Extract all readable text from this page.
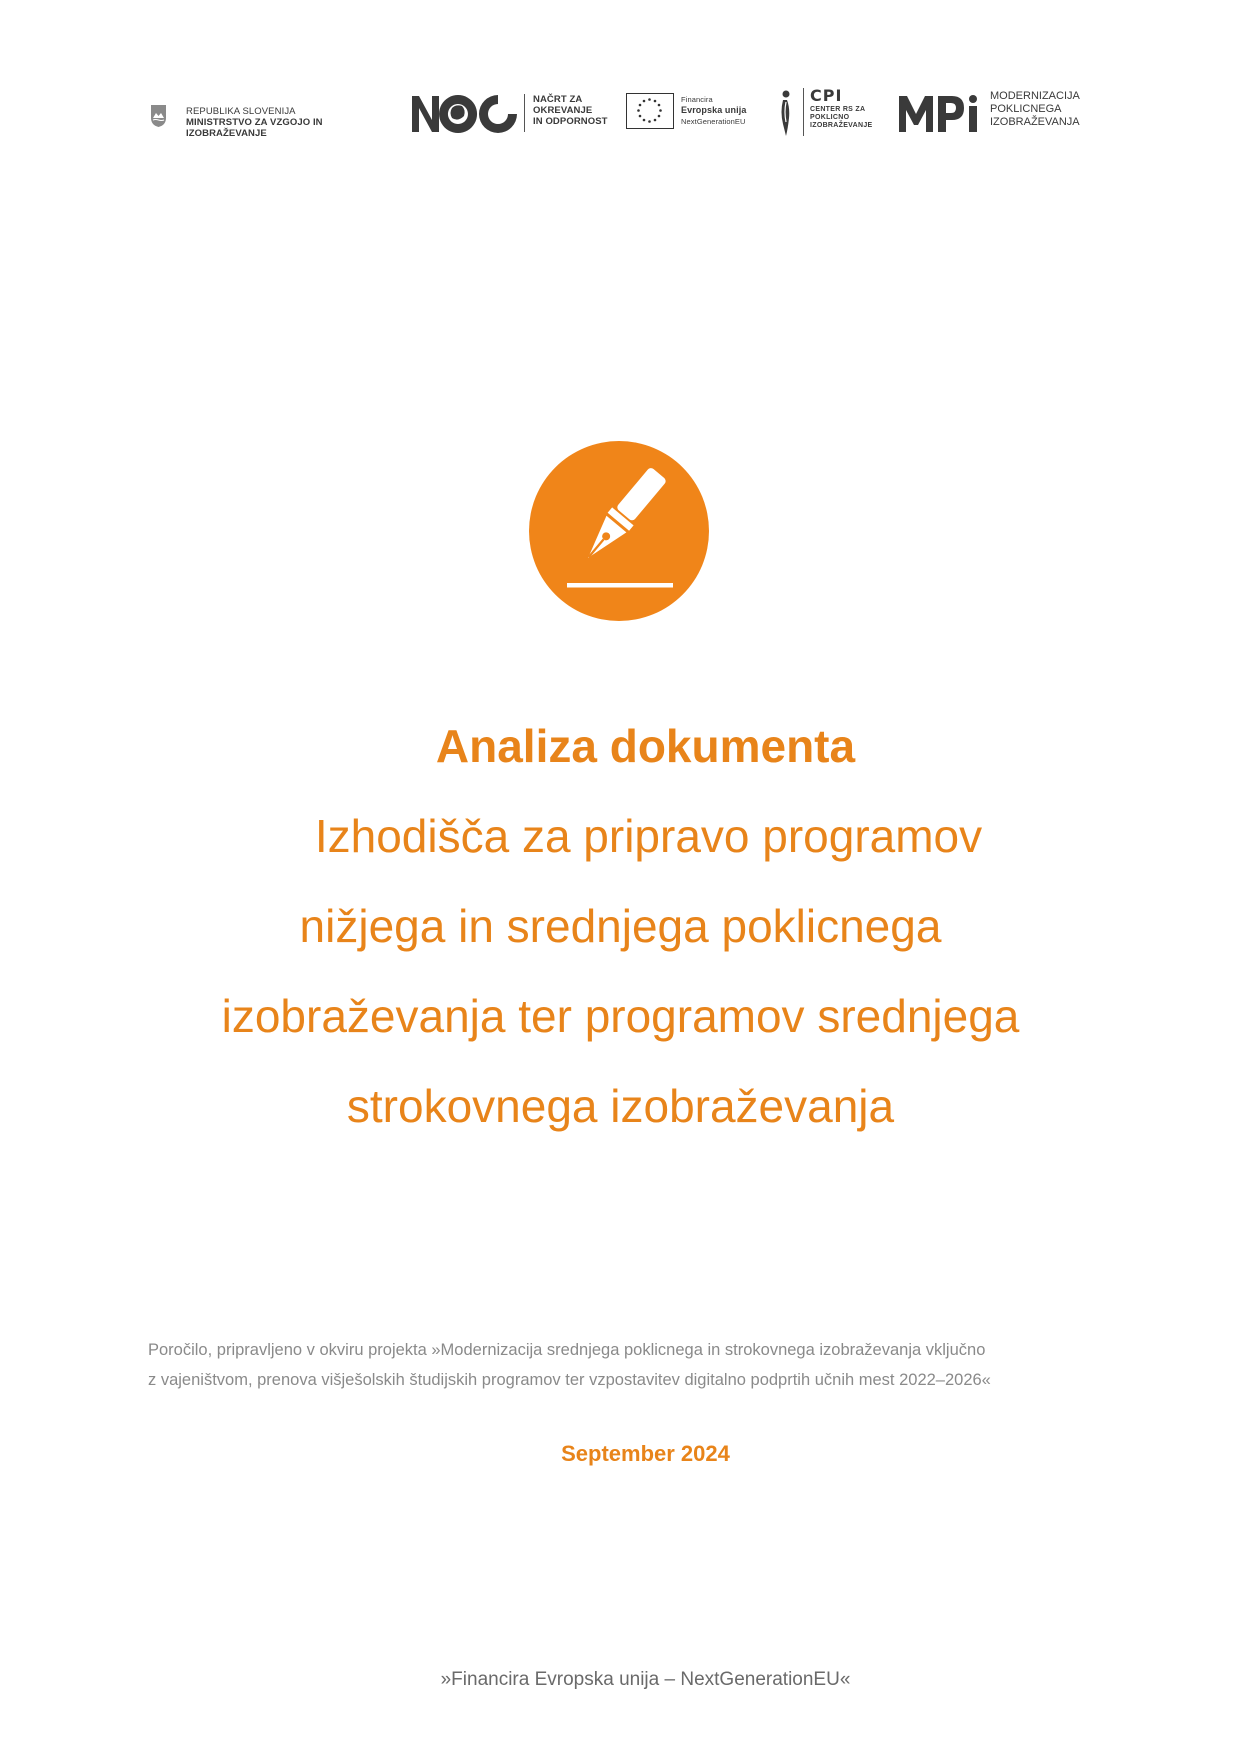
REPUBLIKA SLOVENIJA
MINISTRSTVO ZA VZGOJO IN IZOBRAŽEVANJE
NAČRT ZA
OKREVANJE
IN ODPORNOST
Financira
Evropska unija
NextGenerationEU
CPI
CENTER RS ZA
POKLICNO
IZOBRAŽEVANJE
MODERNIZACIJA
POKLICNEGA
IZOBRAŽEVANJA
Analiza dokumenta
Izhodišča za pripravo programov
nižjega in srednjega poklicnega
izobraževanja ter programov srednjega
strokovnega izobraževanja
Poročilo, pripravljeno v okviru projekta »Modernizacija srednjega poklicnega in strokovnega izobraževanja vključno
z vajeništvom, prenova višješolskih študijskih programov ter vzpostavitev digitalno podprtih učnih mest 2022–2026«
September 2024
»Financira Evropska unija – NextGenerationEU«
